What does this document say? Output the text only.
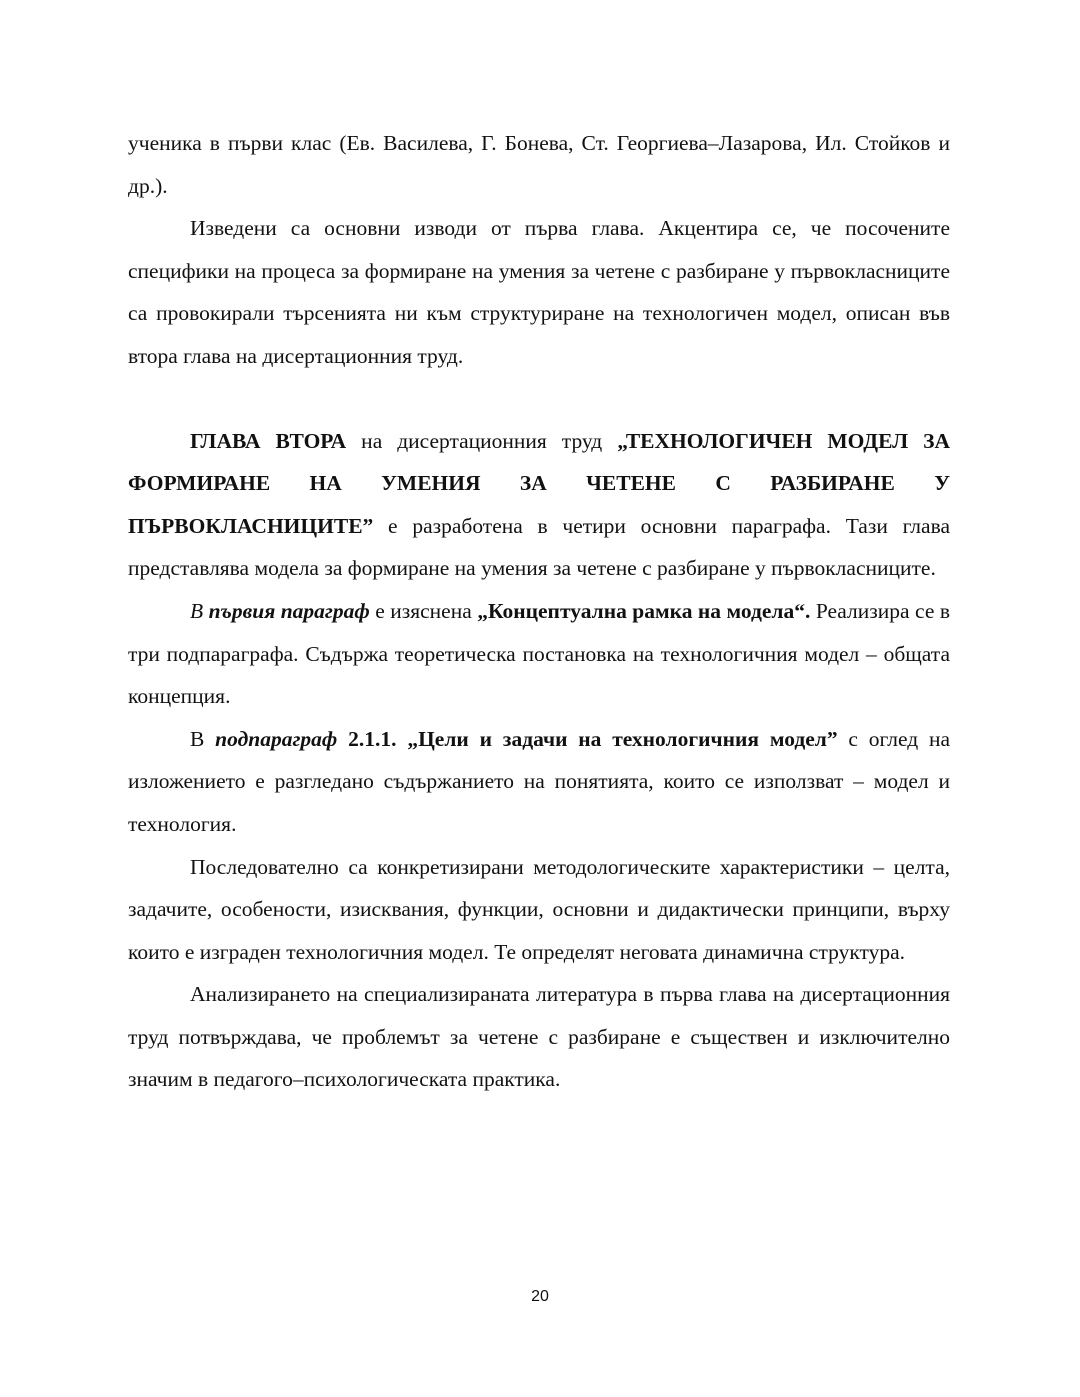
ученика в първи клас (Ев. Василева, Г. Бонева, Ст. Георгиева–Лазарова, Ил. Стойков и др.).

Изведени са основни изводи от първа глава. Акцентира се, че посочените специфики на процеса за формиране на умения за четене с разбиране у първокласниците са провокирали търсенията ни към структуриране на технологичен модел, описан във втора глава на дисертационния труд.

ГЛАВА ВТОРА на дисертационния труд „ТЕХНОЛОГИЧЕН МОДЕЛ ЗА ФОРМИРАНЕ НА УМЕНИЯ ЗА ЧЕТЕНЕ С РАЗБИРАНЕ У ПЪРВОКЛАСНИЦИТЕ” е разработена в четири основни параграфа. Тази глава представлява модела за формиране на умения за четене с разбиране у първокласниците.

В първия параграф е изяснена „Концептуална рамка на модела“. Реализира се в три подпараграфа. Съдържа теоретическа постановка на технологичния модел – общата концепция.

В подпараграф 2.1.1. „Цели и задачи на технологичния модел” с оглед на изложението е разгледано съдържанието на понятията, които се използват – модел и технология.

Последователно са конкретизирани методологическите характеристики – целта, задачите, особености, изисквания, функции, основни и дидактически принципи, върху които е изграден технологичния модел. Те определят неговата динамична структура.

Анализирането на специализираната литература в първа глава на дисертационния труд потвърждава, че проблемът за четене с разбиране е съществен и изключително значим в педагого–психологическата практика.

20
